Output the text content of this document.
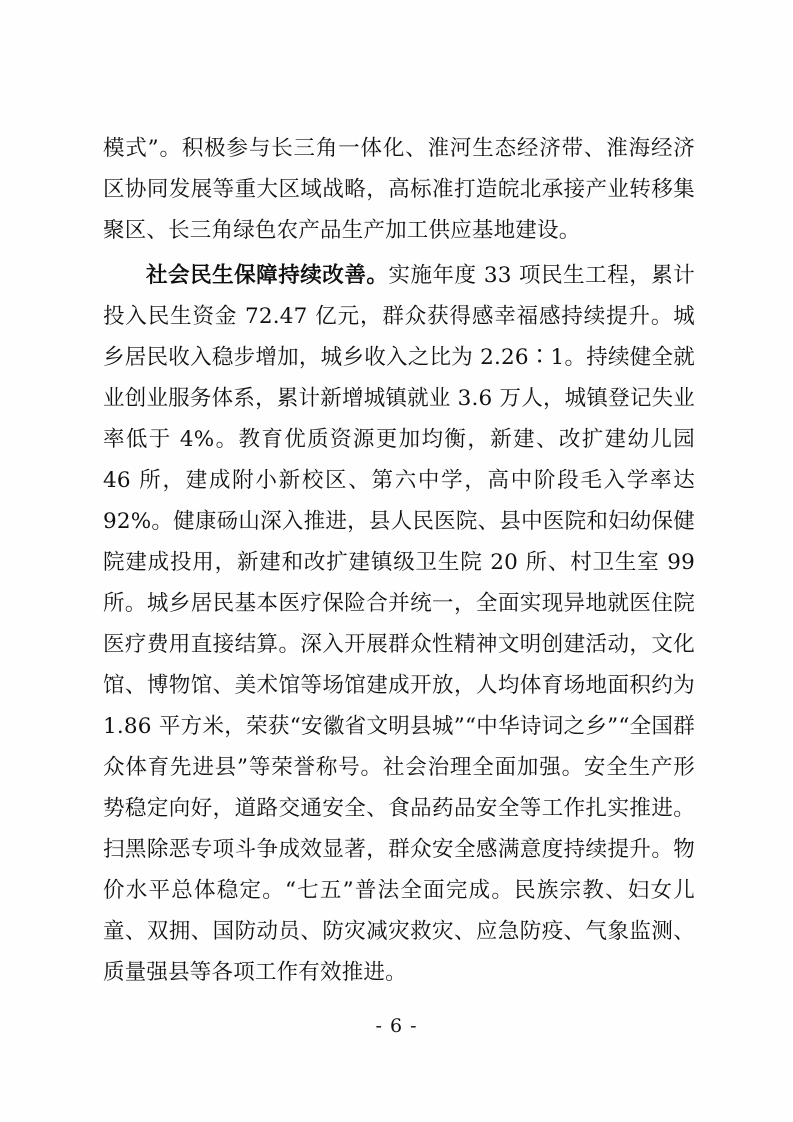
模式”。积极参与长三角一体化、淮河生态经济带、淮海经济区协同发展等重大区域战略，高标准打造皖北承接产业转移集聚区、长三角绿色农产品生产加工供应基地建设。

社会民生保障持续改善。实施年度 33 项民生工程，累计投入民生资金 72.47 亿元，群众获得感幸福感持续提升。城乡居民收入稳步增加，城乡收入之比为 2.26∶1。持续健全就业创业服务体系，累计新增城镇就业 3.6 万人，城镇登记失业率低于 4%。教育优质资源更加均衡，新建、改扩建幼儿园 46 所，建成附小新校区、第六中学，高中阶段毛入学率达 92%。健康砀山深入推进，县人民医院、县中医院和妇幼保健院建成投用，新建和改扩建镇级卫生院 20 所、村卫生室 99 所。城乡居民基本医疗保险合并统一，全面实现异地就医住院医疗费用直接结算。深入开展群众性精神文明创建活动，文化馆、博物馆、美术馆等场馆建成开放，人均体育场地面积约为 1.86 平方米，荣获“安徽省文明县城”“中华诗词之乡”“全国群众体育先进县”等荣誉称号。社会治理全面加强。安全生产形势稳定向好，道路交通安全、食品药品安全等工作扎实推进。扫黑除恶专项斗争成效显著，群众安全感满意度持续提升。物价水平总体稳定。“七五”普法全面完成。民族宗教、妇女儿童、双拥、国防动员、防灾减灾救灾、应急防疫、气象监测、质量强县等各项工作有效推进。

- 6 -
